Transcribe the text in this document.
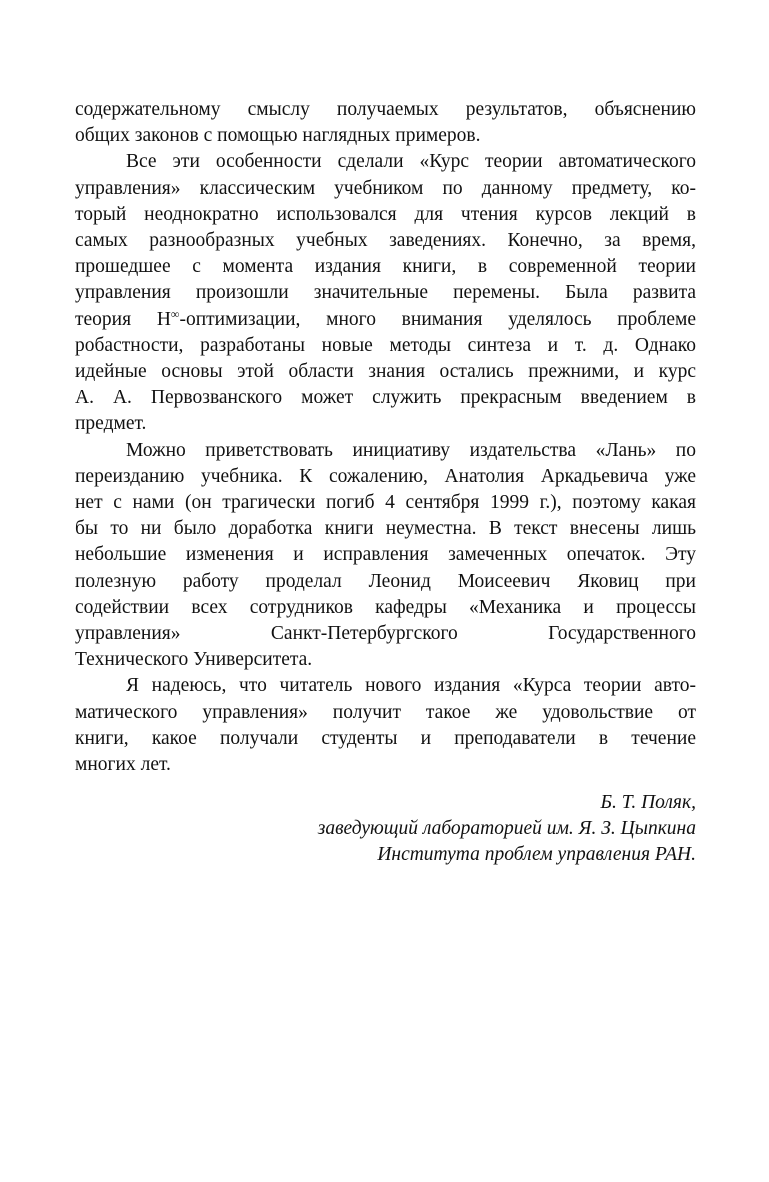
содержательному смыслу получаемых результатов, объяснению
общих законов с помощью наглядных примеров.

Все эти особенности сделали «Курс теории автоматического
управления» классическим учебником по данному предмету, ко-
торый неоднократно использовался для чтения курсов лекций в
самых разнообразных учебных заведениях. Конечно, за время,
прошедшее с момента издания книги, в современной теории
управления произошли значительные перемены. Была развита
теория H∞-оптимизации, много внимания уделялось проблеме
робастности, разработаны новые методы синтеза и т. д. Однако
идейные основы этой области знания остались прежними, и курс
А. А. Первозванского может служить прекрасным введением в
предмет.

Можно приветствовать инициативу издательства «Лань» по
переизданию учебника. К сожалению, Анатолия Аркадьевича уже
нет с нами (он трагически погиб 4 сентября 1999 г.), поэтому какая
бы то ни было доработка книги неуместна. В текст внесены лишь
небольшие изменения и исправления замеченных опечаток. Эту
полезную работу проделал Леонид Моисеевич Яковиц при
содействии всех сотрудников кафедры «Механика и процессы
управления» Санкт-Петербургского Государственного
Технического Университета.

Я надеюсь, что читатель нового издания «Курса теории авто-
матического управления» получит такое же удовольствие от
книги, какое получали студенты и преподаватели в течение
многих лет.

Б. Т. Поляк,
заведующий лабораторией им. Я. З. Цыпкина
Института проблем управления РАН.
